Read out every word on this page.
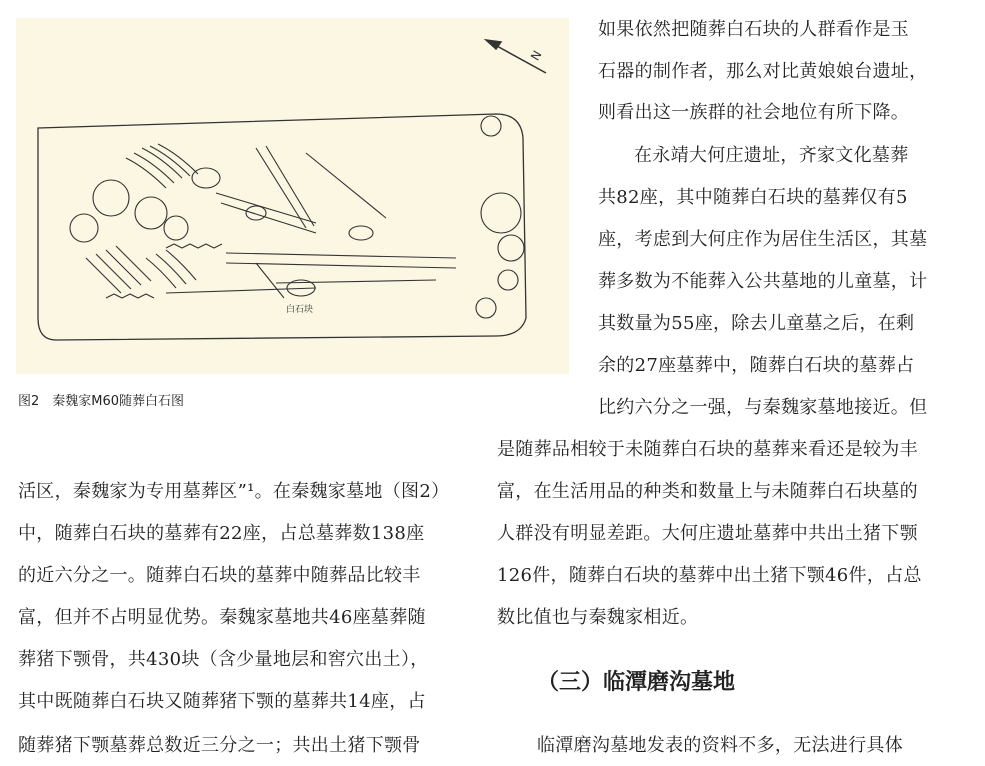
N
白石块
图2　秦魏家M60随葬白石图
如果依然把随葬白石块的人群看作是玉
石器的制作者，那么对比黄娘娘台遗址，
则看出这一族群的社会地位有所下降。
在永靖大何庄遗址，齐家文化墓葬
共82座，其中随葬白石块的墓葬仅有5
座，考虑到大何庄作为居住生活区，其墓
葬多数为不能葬入公共墓地的儿童墓，计
其数量为55座，除去儿童墓之后，在剩
余的27座墓葬中，随葬白石块的墓葬占
比约六分之一强，与秦魏家墓地接近。但
是随葬品相较于未随葬白石块的墓葬来看还是较为丰
富，在生活用品的种类和数量上与未随葬白石块墓的
人群没有明显差距。大何庄遗址墓葬中共出土猪下颚
126件，随葬白石块的墓葬中出土猪下颚46件，占总
数比值也与秦魏家相近。
（三）临潭磨沟墓地
临潭磨沟墓地发表的资料不多，无法进行具体
活区，秦魏家为专用墓葬区”¹。在秦魏家墓地（图2）
中，随葬白石块的墓葬有22座，占总墓葬数138座
的近六分之一。随葬白石块的墓葬中随葬品比较丰
富，但并不占明显优势。秦魏家墓地共46座墓葬随
葬猪下颚骨，共430块（含少量地层和窖穴出土），
其中既随葬白石块又随葬猪下颚的墓葬共14座，占
随葬猪下颚墓葬总数近三分之一；共出土猪下颚骨
